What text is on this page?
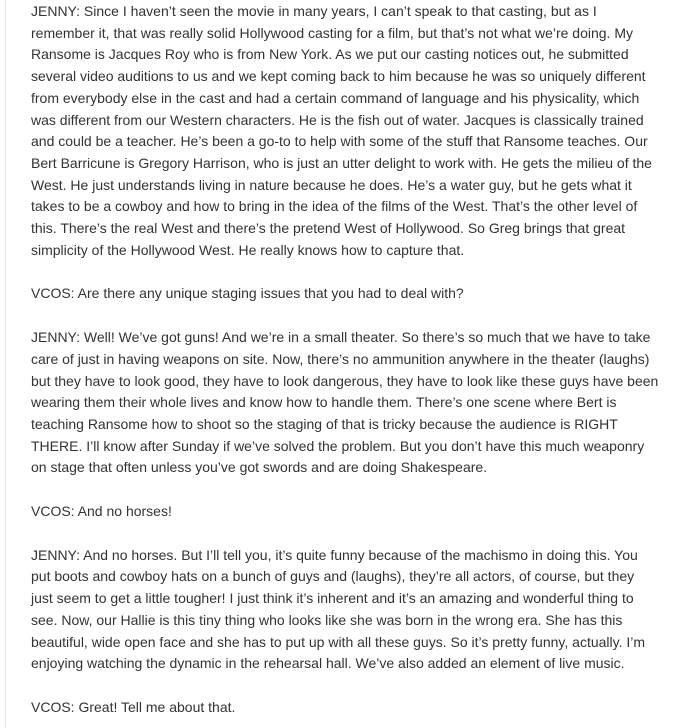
JENNY: Since I haven’t seen the movie in many years, I can’t speak to that casting, but as I remember it, that was really solid Hollywood casting for a film, but that’s not what we’re doing. My Ransome is Jacques Roy who is from New York. As we put our casting notices out, he submitted several video auditions to us and we kept coming back to him because he was so uniquely different from everybody else in the cast and had a certain command of language and his physicality, which was different from our Western characters. He is the fish out of water. Jacques is classically trained and could be a teacher. He’s been a go-to to help with some of the stuff that Ransome teaches. Our Bert Barricune is Gregory Harrison, who is just an utter delight to work with. He gets the milieu of the West. He just understands living in nature because he does. He’s a water guy, but he gets what it takes to be a cowboy and how to bring in the idea of the films of the West. That’s the other level of this. There’s the real West and there’s the pretend West of Hollywood. So Greg brings that great simplicity of the Hollywood West. He really knows how to capture that.

VCOS: Are there any unique staging issues that you had to deal with?

JENNY: Well! We’ve got guns! And we’re in a small theater. So there’s so much that we have to take care of just in having weapons on site. Now, there’s no ammunition anywhere in the theater (laughs) but they have to look good, they have to look dangerous, they have to look like these guys have been wearing them their whole lives and know how to handle them. There’s one scene where Bert is teaching Ransome how to shoot so the staging of that is tricky because the audience is RIGHT THERE. I’ll know after Sunday if we’ve solved the problem. But you don’t have this much weaponry on stage that often unless you’ve got swords and are doing Shakespeare.

VCOS: And no horses!

JENNY: And no horses. But I’ll tell you, it’s quite funny because of the machismo in doing this. You put boots and cowboy hats on a bunch of guys and (laughs), they’re all actors, of course, but they just seem to get a little tougher! I just think it’s inherent and it’s an amazing and wonderful thing to see. Now, our Hallie is this tiny thing who looks like she was born in the wrong era. She has this beautiful, wide open face and she has to put up with all these guys. So it’s pretty funny, actually. I’m enjoying watching the dynamic in the rehearsal hall. We’ve also added an element of live music.

VCOS: Great! Tell me about that.
